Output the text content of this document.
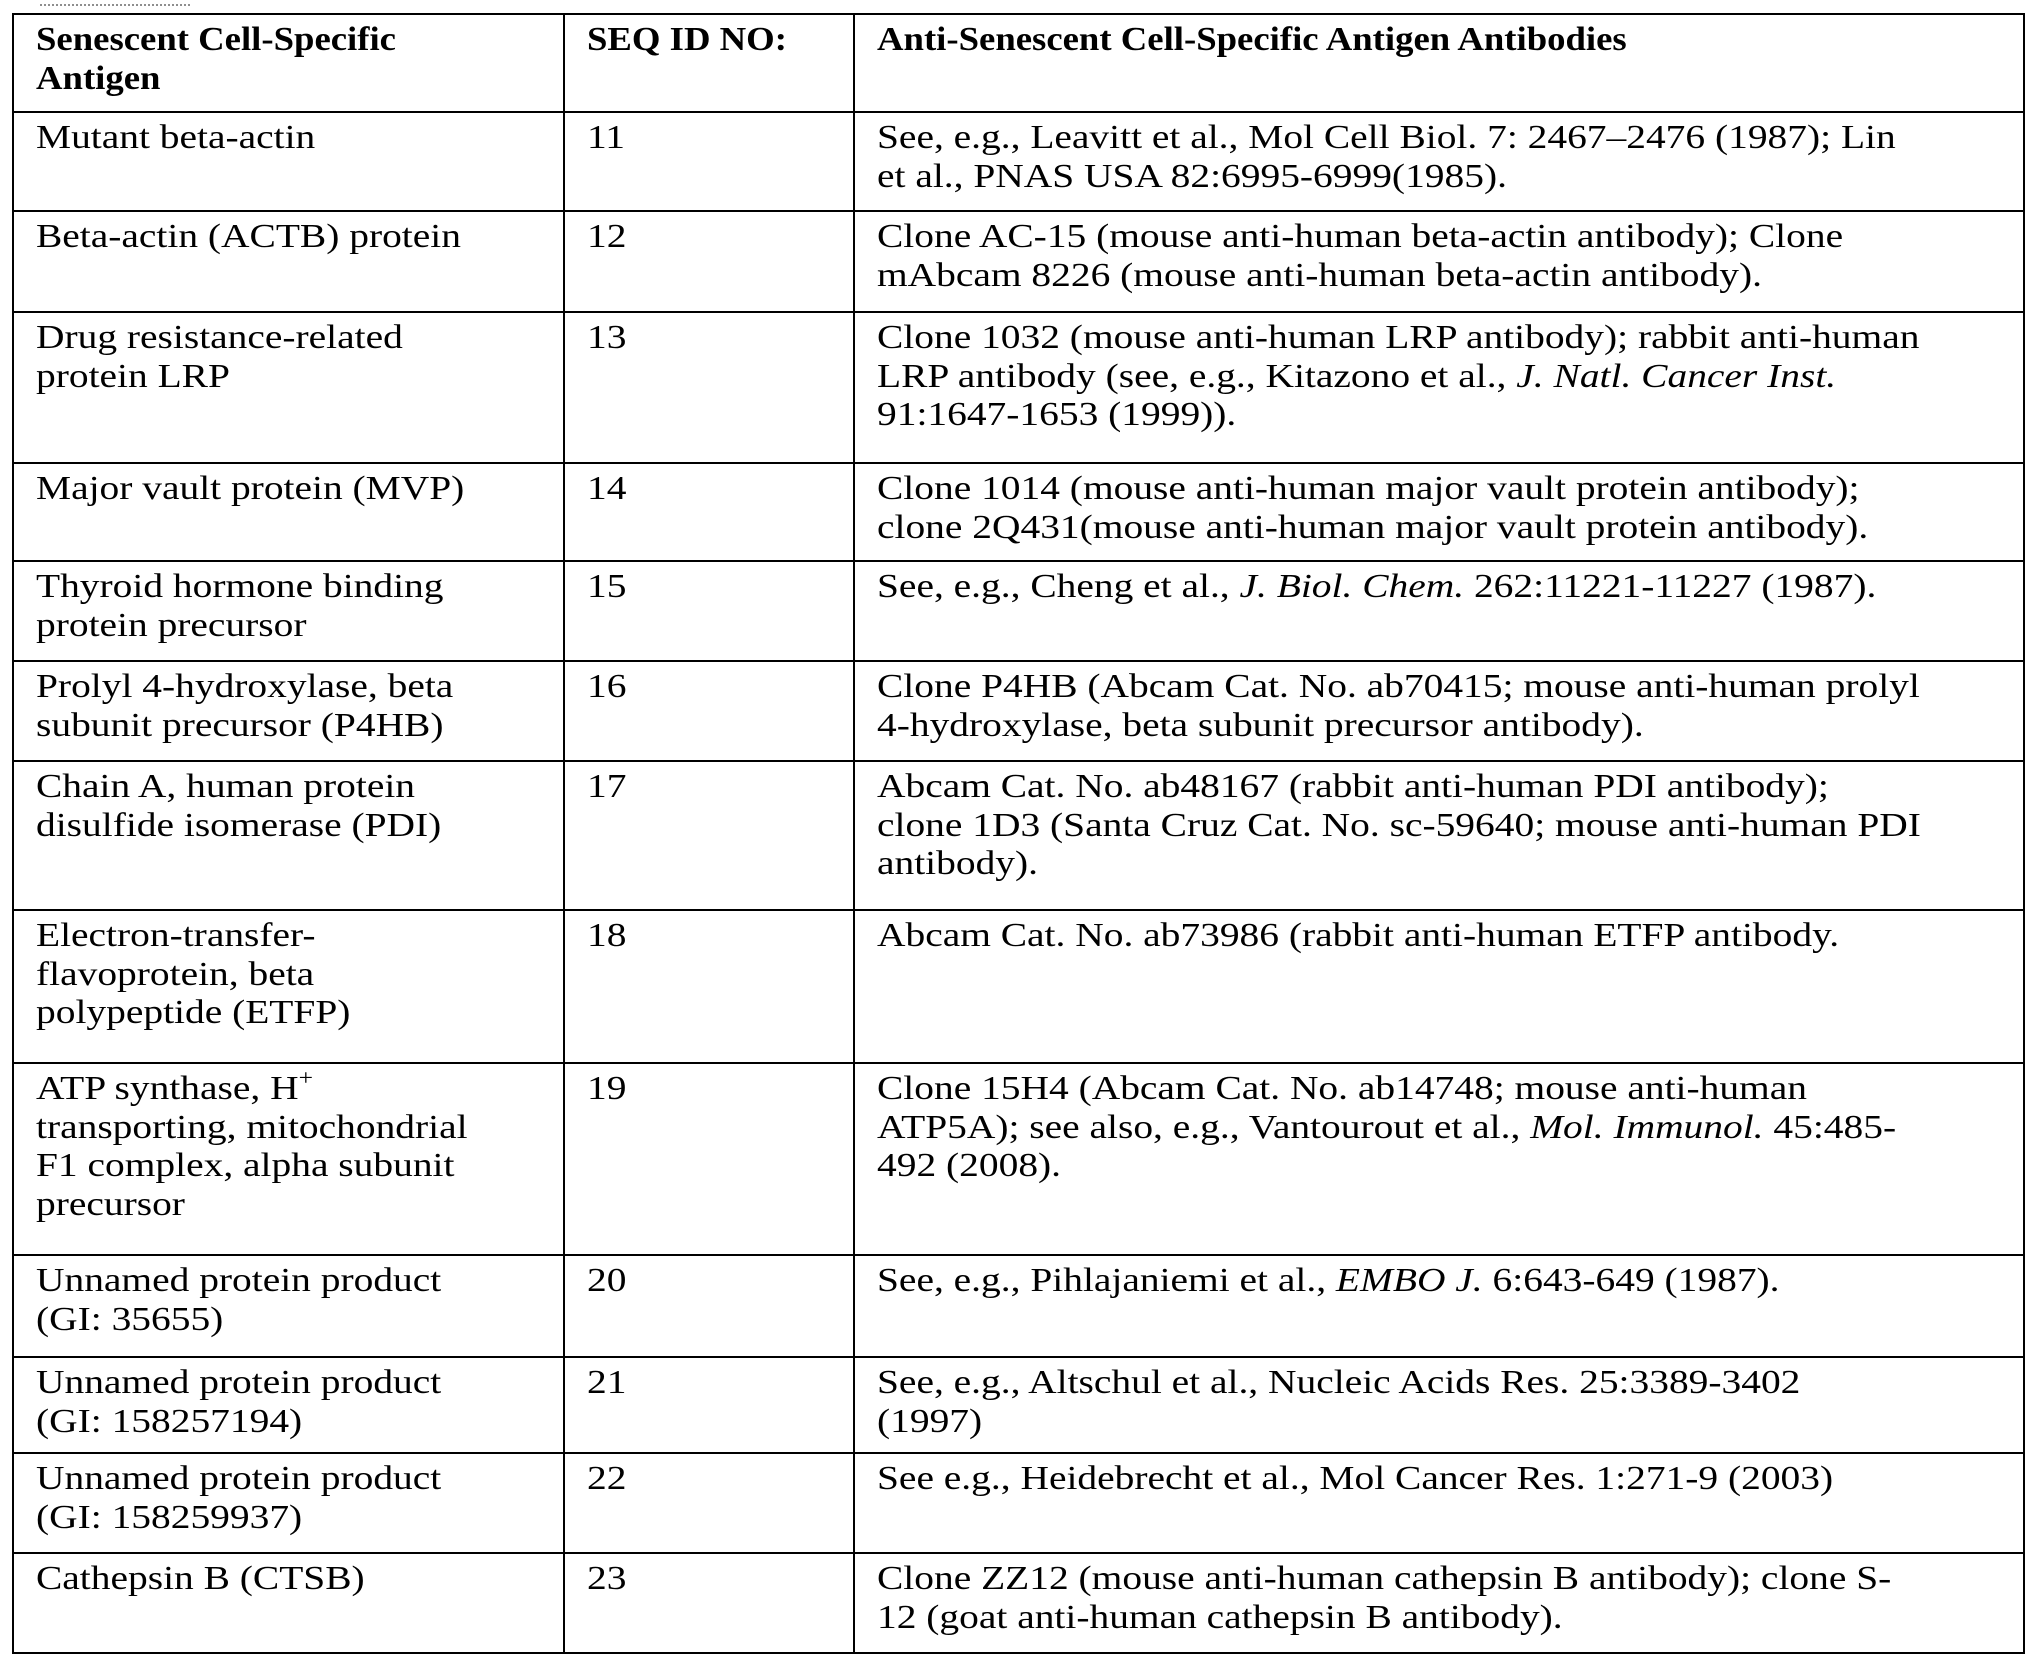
Senescent Cell-Specific
Antigen	SEQ ID NO:	Anti-Senescent Cell-Specific Antigen Antibodies

Mutant beta-actin	11	See, e.g., Leavitt et al., Mol Cell Biol. 7: 2467–2476 (1987); Lin
et al., PNAS USA 82:6995-6999(1985).

Beta-actin (ACTB) protein	12	Clone AC-15 (mouse anti-human beta-actin antibody); Clone
mAbcam 8226 (mouse anti-human beta-actin antibody).

Drug resistance-related
protein LRP	13	Clone 1032 (mouse anti-human LRP antibody); rabbit anti-human
LRP antibody (see, e.g., Kitazono et al., J. Natl. Cancer Inst.
91:1647-1653 (1999)).

Major vault protein (MVP)	14	Clone 1014 (mouse anti-human major vault protein antibody);
clone 2Q431(mouse anti-human major vault protein antibody).

Thyroid hormone binding
protein precursor	15	See, e.g., Cheng et al., J. Biol. Chem. 262:11221-11227 (1987).

Prolyl 4-hydroxylase, beta
subunit precursor (P4HB)	16	Clone P4HB (Abcam Cat. No. ab70415; mouse anti-human prolyl
4-hydroxylase, beta subunit precursor antibody).

Chain A, human protein
disulfide isomerase (PDI)	17	Abcam Cat. No. ab48167 (rabbit anti-human PDI antibody);
clone 1D3 (Santa Cruz Cat. No. sc-59640; mouse anti-human PDI
antibody).

Electron-transfer-
flavoprotein, beta
polypeptide (ETFP)	18	Abcam Cat. No. ab73986 (rabbit anti-human ETFP antibody.

ATP synthase, H+
transporting, mitochondrial
F1 complex, alpha subunit
precursor	19	Clone 15H4 (Abcam Cat. No. ab14748; mouse anti-human
ATP5A); see also, e.g., Vantourout et al., Mol. Immunol. 45:485-
492 (2008).

Unnamed protein product
(GI: 35655)	20	See, e.g., Pihlajaniemi et al., EMBO J. 6:643-649 (1987).

Unnamed protein product
(GI: 158257194)	21	See, e.g., Altschul et al., Nucleic Acids Res. 25:3389-3402
(1997)

Unnamed protein product
(GI: 158259937)	22	See e.g., Heidebrecht et al., Mol Cancer Res. 1:271-9 (2003)

Cathepsin B (CTSB)	23	Clone ZZ12 (mouse anti-human cathepsin B antibody); clone S-
12 (goat anti-human cathepsin B antibody).
